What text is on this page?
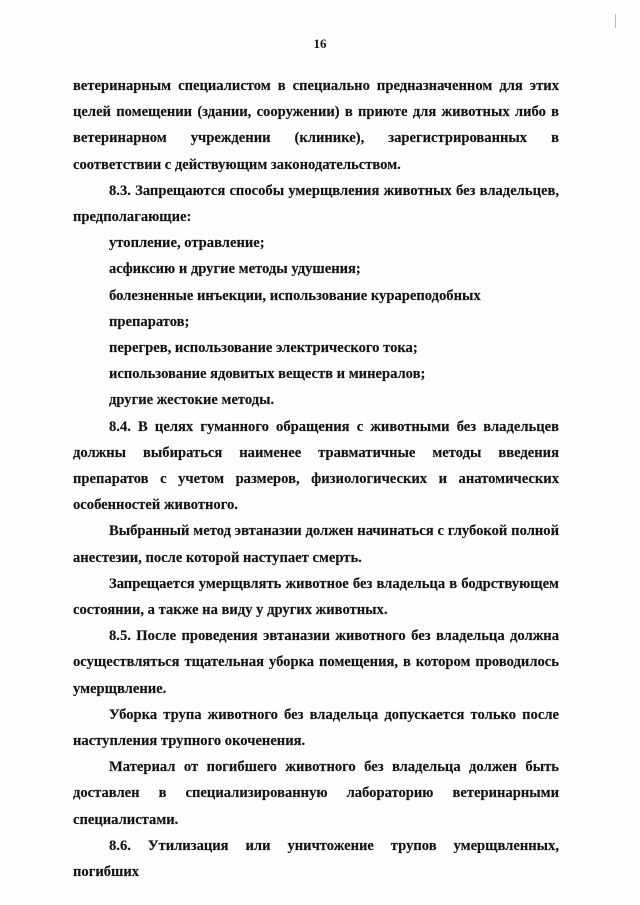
16

ветеринарным специалистом в специально предназначенном для этих целей помещении (здании, сооружении) в приюте для животных либо в ветеринарном учреждении (клинике), зарегистрированных в соответствии с действующим законодательством.

8.3. Запрещаются способы умерщвления животных без владельцев, предполагающие:

утопление, отравление;

асфиксию и другие методы удушения;

болезненные инъекции, использование курареподобных препаратов;

перегрев, использование электрического тока;

использование ядовитых веществ и минералов;

другие жестокие методы.

8.4. В целях гуманного обращения с животными без владельцев должны выбираться наименее травматичные методы введения препаратов с учетом размеров, физиологических и анатомических особенностей животного.

Выбранный метод эвтаназии должен начинаться с глубокой полной анестезии, после которой наступает смерть.

Запрещается умерщвлять животное без владельца в бодрствующем состоянии, а также на виду у других животных.

8.5. После проведения эвтаназии животного без владельца должна осуществляться тщательная уборка помещения, в котором проводилось умерщвление.

Уборка трупа животного без владельца допускается только после наступления трупного окоченения.

Материал от погибшего животного без владельца должен быть доставлен в специализированную лабораторию ветеринарными специалистами.

8.6. Утилизация или уничтожение трупов умерщвленных, погибших
